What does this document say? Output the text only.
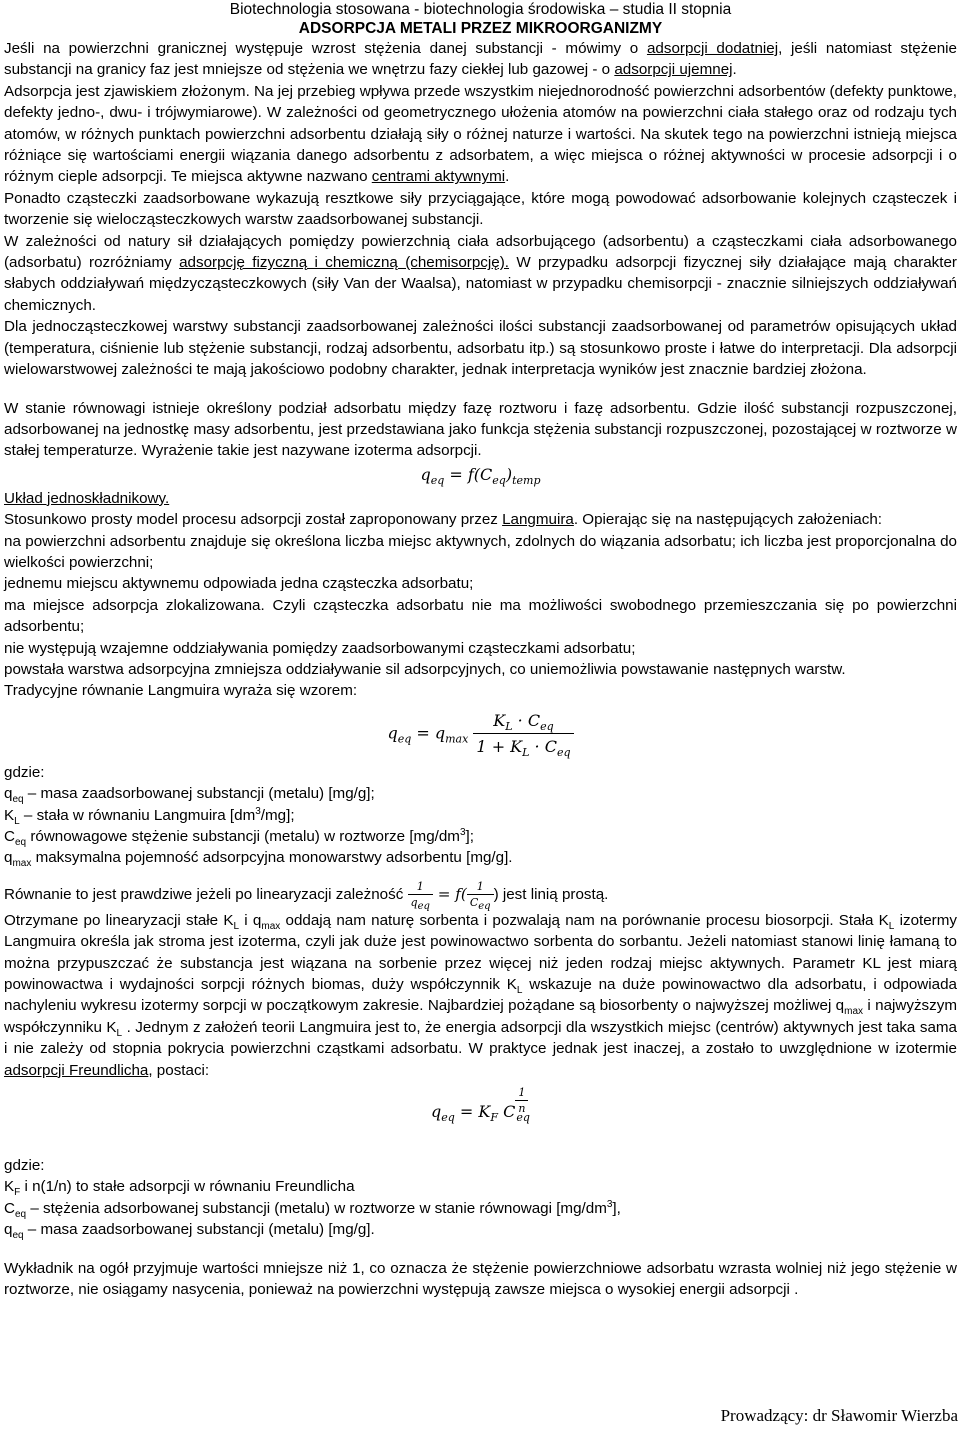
Biotechnologia stosowana - biotechnologia środowiska – studia II stopnia
ADSORPCJA METALI PRZEZ MIKROORGANIZMY

Jeśli na powierzchni granicznej występuje wzrost stężenia danej substancji - mówimy o adsorpcji dodatniej, jeśli natomiast stężenie substancji na granicy faz jest mniejsze od stężenia we wnętrzu fazy ciekłej lub gazowej - o adsorpcji ujemnej.

Adsorpcja jest zjawiskiem złożonym. Na jej przebieg wpływa przede wszystkim niejednorodność powierzchni adsorbentów (defekty punktowe, defekty jedno-, dwu- i trójwymiarowe). W zależności od geometrycznego ułożenia atomów na powierzchni ciała stałego oraz od rodzaju tych atomów, w różnych punktach powierzchni adsorbentu działają siły o różnej naturze i wartości. Na skutek tego na powierzchni istnieją miejsca różniące się wartościami energii wiązania danego adsorbentu z adsorbatem, a więc miejsca o różnej aktywności w procesie adsorpcji i o różnym cieple adsorpcji. Te miejsca aktywne nazwano centrami aktywnymi.

Ponadto cząsteczki zaadsorbowane wykazują resztkowe siły przyciągające, które mogą powodować adsorbowanie kolejnych cząsteczek i tworzenie się wielocząsteczkowych warstw zaadsorbowanej substancji.

W zależności od natury sił działających pomiędzy powierzchnią ciała adsorbującego (adsorbentu) a cząsteczkami ciała adsorbowanego (adsorbatu) rozróżniamy adsorpcję fizyczną i chemiczną (chemisorpcję). W przypadku adsorpcji fizycznej siły działające mają charakter słabych oddziaływań międzycząsteczkowych (siły Van der Waalsa), natomiast w przypadku chemisorpcji - znacznie silniejszych oddziaływań chemicznych.

Dla jednocząsteczkowej warstwy substancji zaadsorbowanej zależności ilości substancji zaadsorbowanej od parametrów opisujących układ (temperatura, ciśnienie lub stężenie substancji, rodzaj adsorbentu, adsorbatu itp.) są stosunkowo proste i łatwe do interpretacji. Dla adsorpcji wielowarstwowej zależności te mają jakościowo podobny charakter, jednak interpretacja wyników jest znacznie bardziej złożona.

W stanie równowagi istnieje określony podział adsorbatu między fazę roztworu i fazę adsorbentu. Gdzie ilość substancji rozpuszczonej, adsorbowanej na jednostkę masy adsorbentu, jest przedstawiana jako funkcja stężenia substancji rozpuszczonej, pozostającej w roztworze w stałej temperaturze. Wyrażenie takie jest nazywane izoterma adsorpcji.

$q_{eq} = f(C_{eq})_{temp}$

Układ jednoskładnikowy.

Stosunkowo prosty model procesu adsorpcji został zaproponowany przez Langmuira. Opierając się na następujących założeniach:

na powierzchni adsorbentu znajduje się określona liczba miejsc aktywnych, zdolnych do wiązania adsorbatu; ich liczba jest proporcjonalna do wielkości powierzchni;

jednemu miejscu aktywnemu odpowiada jedna cząsteczka adsorbatu;

ma miejsce adsorpcja zlokalizowana. Czyli cząsteczka adsorbatu nie ma możliwości swobodnego przemieszczania się po powierzchni adsorbentu;

nie występują wzajemne oddziaływania pomiędzy zaadsorbowanymi cząsteczkami adsorbatu;

powstała warstwa adsorpcyjna zmniejsza oddziaływanie sil adsorpcyjnych, co uniemożliwia powstawanie następnych warstw.

Tradycyjne równanie Langmuira wyraża się wzorem:

$q_{eq} = q_{max} \frac{K_L \cdot C_{eq}}{1 + K_L \cdot C_{eq}}$

gdzie:

$q_{eq}$ – masa zaadsorbowanej substancji (metalu) [mg/g];

$K_L$ – stała w równaniu Langmuira $[dm^3/mg]$;

$C_{eq}$ równowagowe stężenie substancji (metalu) w roztworze $[mg/dm^3]$;

$q_{max}$ maksymalna pojemność adsorpcyjna monowarstwy adsorbentu [mg/g].

Równanie to jest prawdziwe jeżeli po linearyzacji zależność $\frac{1}{q_{eq}} = f( \frac{1}{C_{eq}}$ ) jest linią prostą.

Otrzymane po linearyzacji stałe $K_L$ i $q_{max}$ oddają nam naturę sorbenta i pozwalają nam na porównanie procesu biosorpcji. Stała $K_L$ izotermy Langmuira określa jak stroma jest izoterma, czyli jak duże jest powinowactwo sorbenta do sorbantu. Jeżeli natomiast stanowi linię łamaną to można przypuszczać że substancja jest wiązana na sorbenie przez więcej niż jeden rodzaj miejsc aktywnych. Parametr KL jest miarą powinowactwa i wydajności sorpcji różnych biomas, duży współczynnik $K_L$ wskazuje na duże powinowactwo dla adsorbatu, i odpowiada nachyleniu wykresu izotermy sorpcji w początkowym zakresie. Najbardziej pożądane są biosorbenty o najwyższej możliwej $q_{max}$ i najwyższym współczynniku $K_L$ . Jednym z założeń teorii Langmuira jest to, że energia adsorpcji dla wszystkich miejsc (centrów) aktywnych jest taka sama i nie zależy od stopnia pokrycia powierzchni cząstkami adsorbatu. W praktyce jednak jest inaczej, a zostało to uwzględnione w izotermie adsorpcji Freundlicha, postaci:

$q_{eq} = K_F$ C $\frac{1}{n}$
$_{eq}$

gdzie:

$K_F$ i n(1/n) to stałe adsorpcji w równaniu Freundlicha

$C_{eq}$ – stężenia adsorbowanej substancji (metalu) w roztworze w stanie równowagi $[mg/dm^3]$,

$q_{eq}$ – masa zaadsorbowanej substancji (metalu) [mg/g].

Wykładnik na ogół przyjmuje wartości mniejsze niż 1, co oznacza że stężenie powierzchniowe adsorbatu wzrasta wolniej niż jego stężenie w roztworze, nie osiągamy nasycenia, ponieważ na powierzchni występują zawsze miejsca o wysokiej energii adsorpcji .

Prowadzący: dr Sławomir Wierzba
